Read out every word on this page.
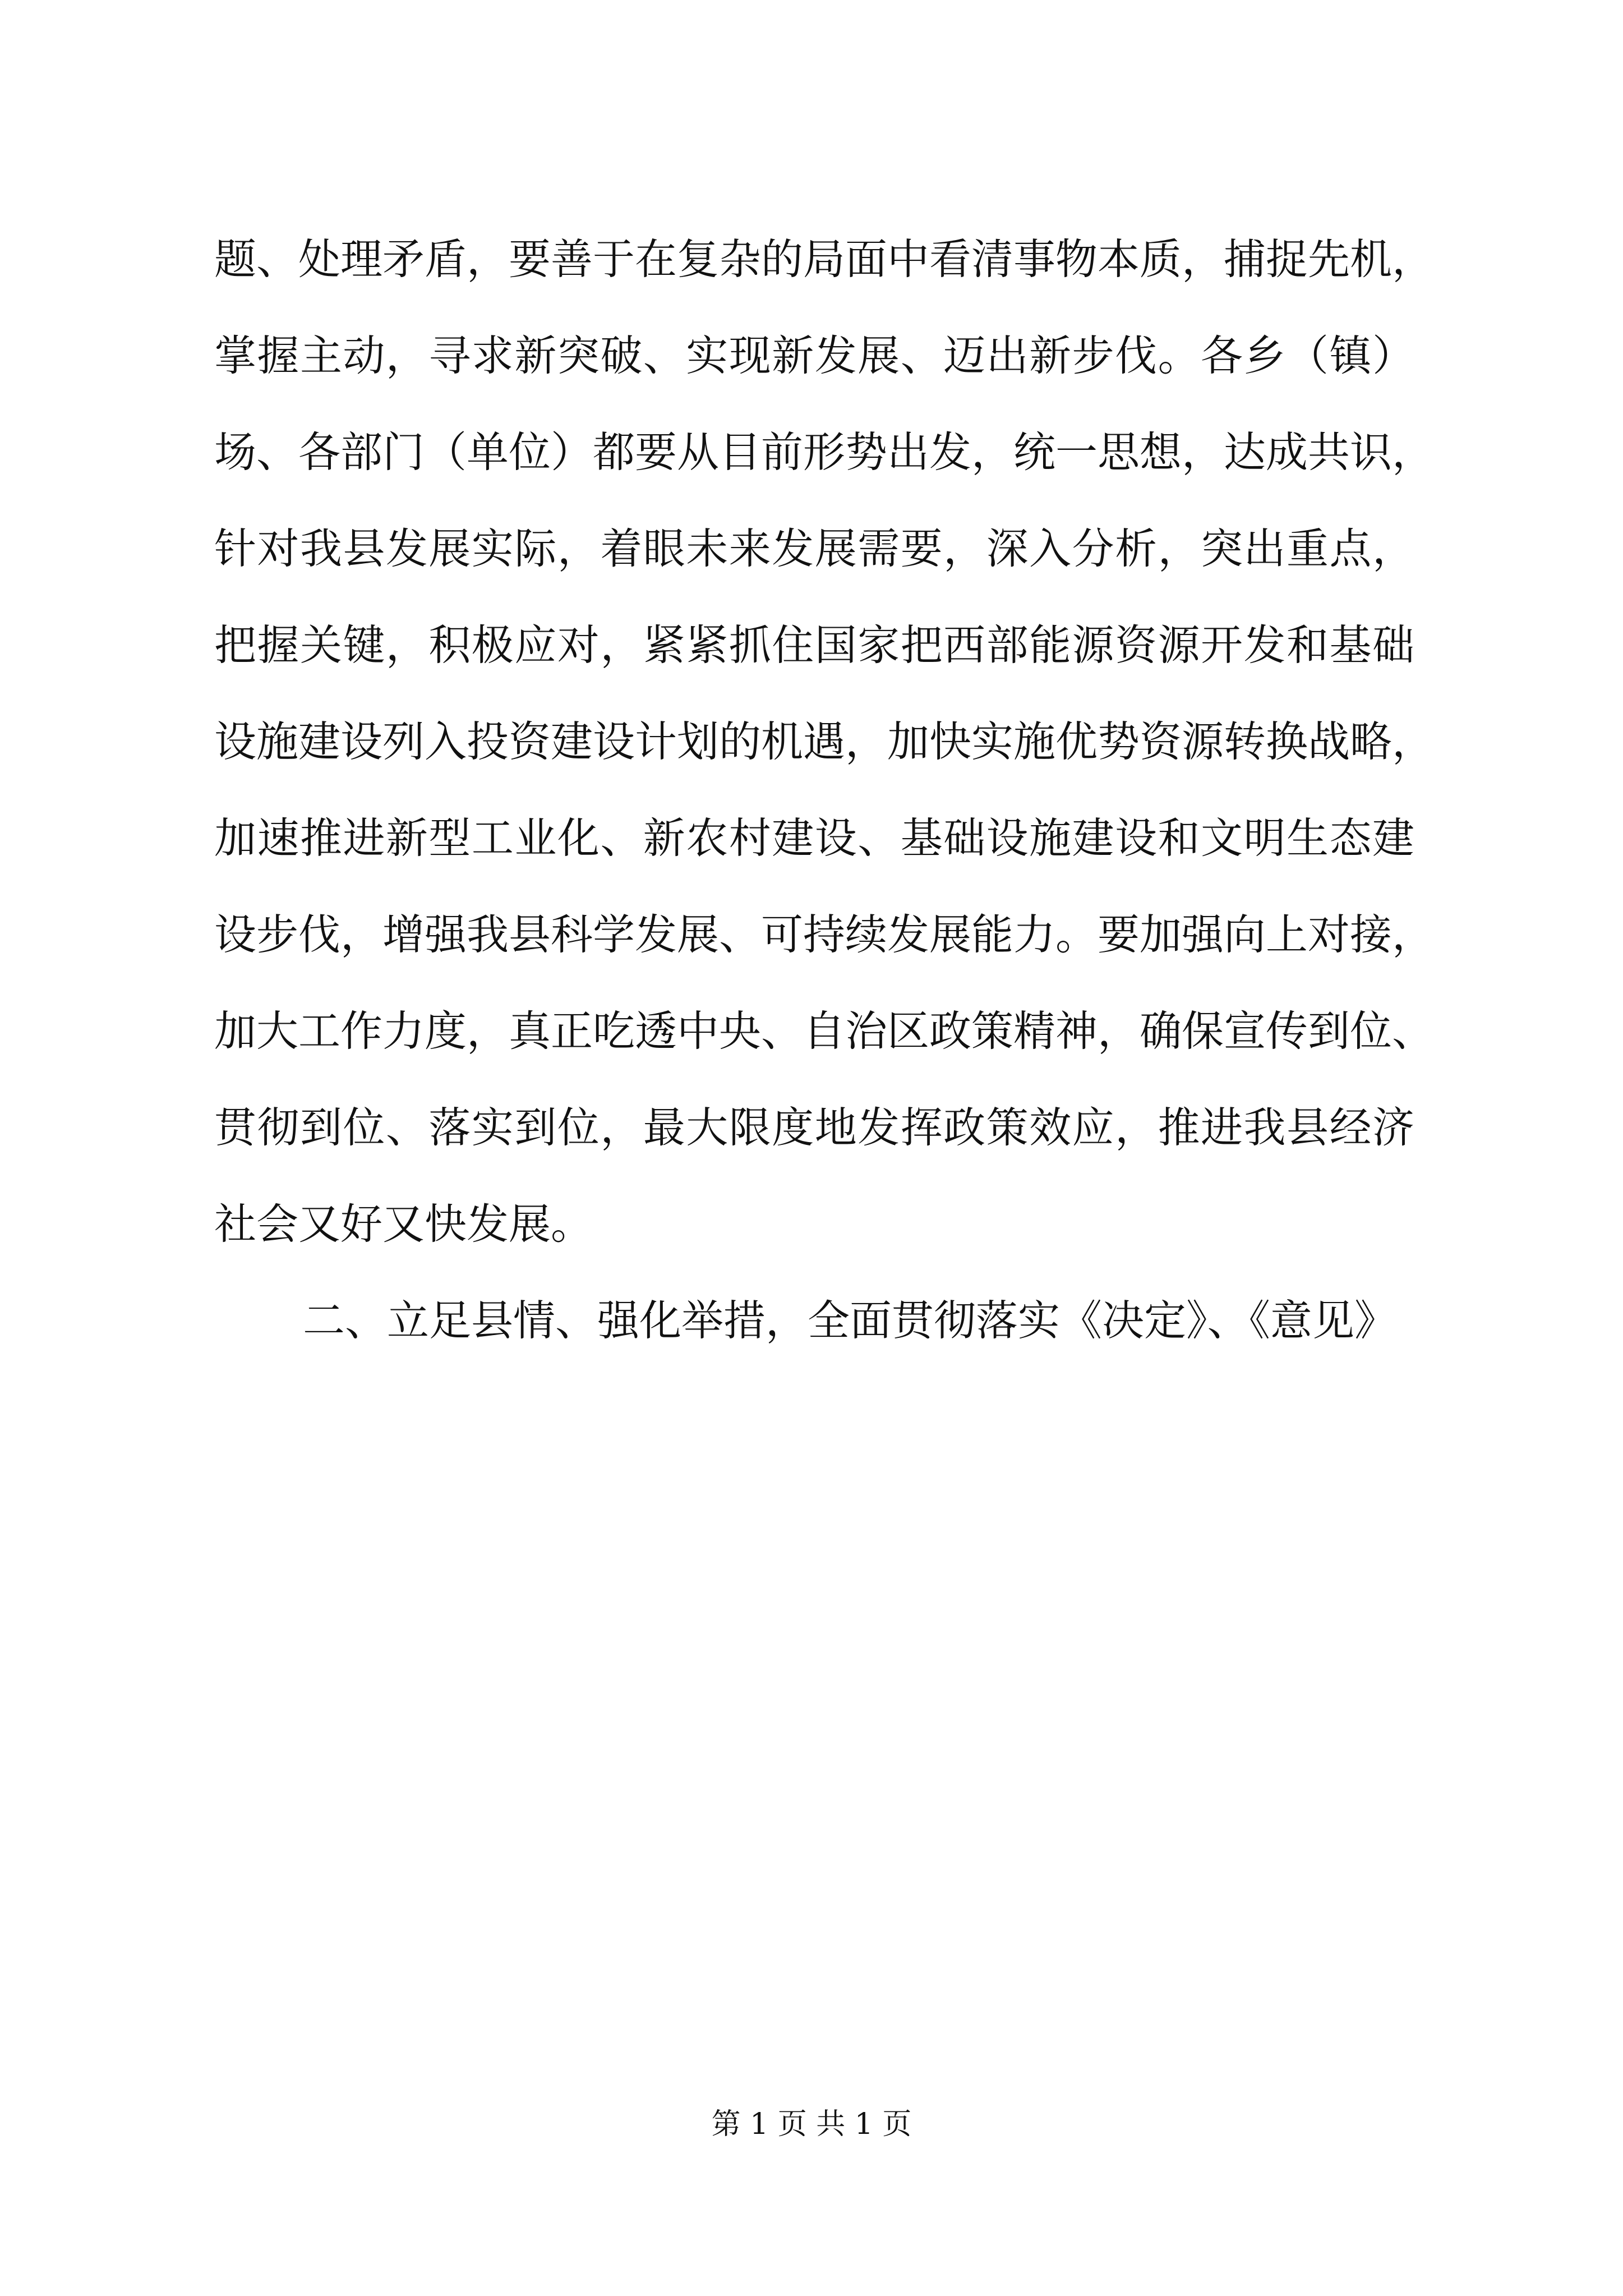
题、处理矛盾，要善于在复杂的局面中看清事物本质，捕捉先机，
掌握主动，寻求新突破、实现新发展、迈出新步伐。各乡（镇）
场、各部门（单位）都要从目前形势出发，统一思想，达成共识，
针对我县发展实际，着眼未来发展需要，深入分析，突出重点，
把握关键，积极应对，紧紧抓住国家把西部能源资源开发和基础
设施建设列入投资建设计划的机遇，加快实施优势资源转换战略，
加速推进新型工业化、新农村建设、基础设施建设和文明生态建
设步伐，增强我县科学发展、可持续发展能力。要加强向上对接，
加大工作力度，真正吃透中央、自治区政策精神，确保宣传到位、
贯彻到位、落实到位，最大限度地发挥政策效应，推进我县经济
社会又好又快发展。
二、立足县情、强化举措，全面贯彻落实《决定》、《意见》
第 1 页 共 1 页
